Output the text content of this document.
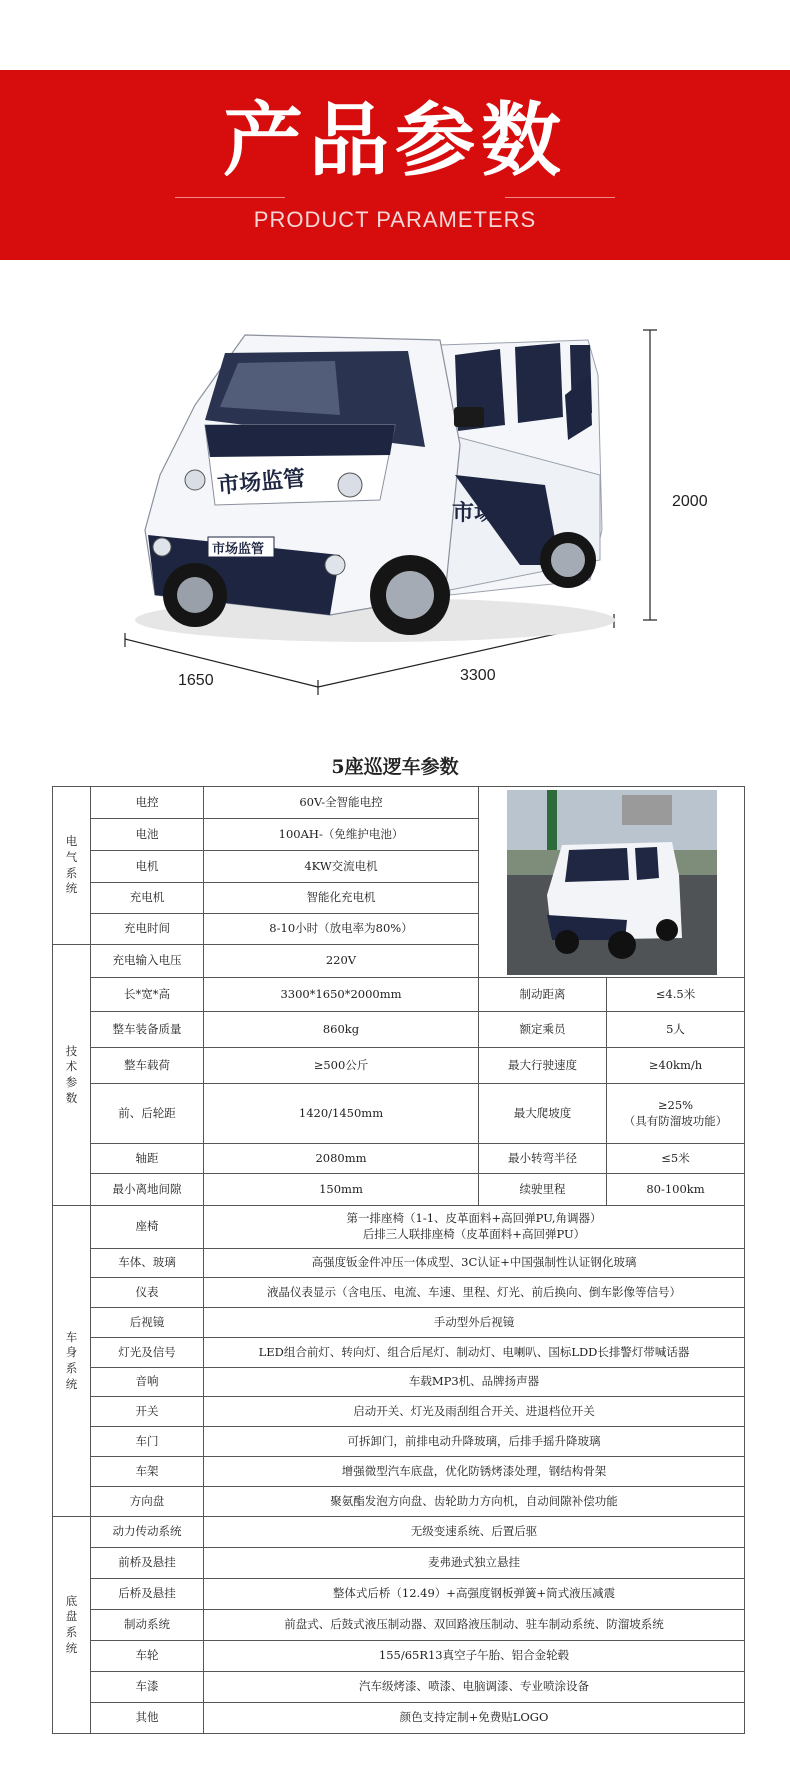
产品参数
PRODUCT PARAMETERS
市场监管
市场监管
市场 监管	2000
1650	3300
5座巡逻车参数
电
气
系
统	电控	60V-全智能电控	

	电池	100AH-（免维护电池）		
	电机	4KW交流电机		
	充电机	智能化充电机		
	充电时间	8-10小时（放电率为80%）		
技
术
参
数	充电输入电压	220V		
	长*宽*高	3300*1650*2000mm	制动距离	≤4.5米
	整车装备质量	860kg	额定乘员	5人
	整车载荷	≥500公斤	最大行驶速度	≥40km/h
	前、后轮距	1420/1450mm	最大爬坡度	≥25%
（具有防溜坡功能）
	轴距	2080mm	最小转弯半径	≤5米
	最小离地间隙	150mm	续驶里程	80-100km
车
身
系
统	座椅	第一排座椅（1-1、皮革面料+高回弹PU,角调器）
后排三人联排座椅（皮革面料+高回弹PU）		
	车体、玻璃	高强度钣金件冲压一体成型、3C认证+中国强制性认证钢化玻璃		
	仪表	液晶仪表显示（含电压、电流、车速、里程、灯光、前后换向、倒车影像等信号）		
	后视镜	手动型外后视镜		
	灯光及信号	LED组合前灯、转向灯、组合后尾灯、制动灯、电喇叭、国标LDD长排警灯带喊话器		
	音响	车载MP3机、品牌扬声器		
	开关	启动开关、灯光及雨刮组合开关、进退档位开关		
	车门	可拆卸门，前排电动升降玻璃，后排手摇升降玻璃		
	车架	增强微型汽车底盘，优化防锈烤漆处理，钢结构骨架		
	方向盘	聚氨酯发泡方向盘、齿轮助力方向机，自动间隙补偿功能		
底
盘
系
统	动力传动系统	无级变速系统、后置后驱		
	前桥及悬挂	麦弗逊式独立悬挂		
	后桥及悬挂	整体式后桥（12.49）+高强度钢板弹簧+筒式液压减震		
	制动系统	前盘式、后鼓式液压制动器、双回路液压制动、驻车制动系统、防溜坡系统		
	车轮	155/65R13真空子午胎、铝合金轮毂		
	车漆	汽车级烤漆、喷漆、电脑调漆、专业喷涂设备		
	其他	颜色支持定制+免费贴LOGO		
